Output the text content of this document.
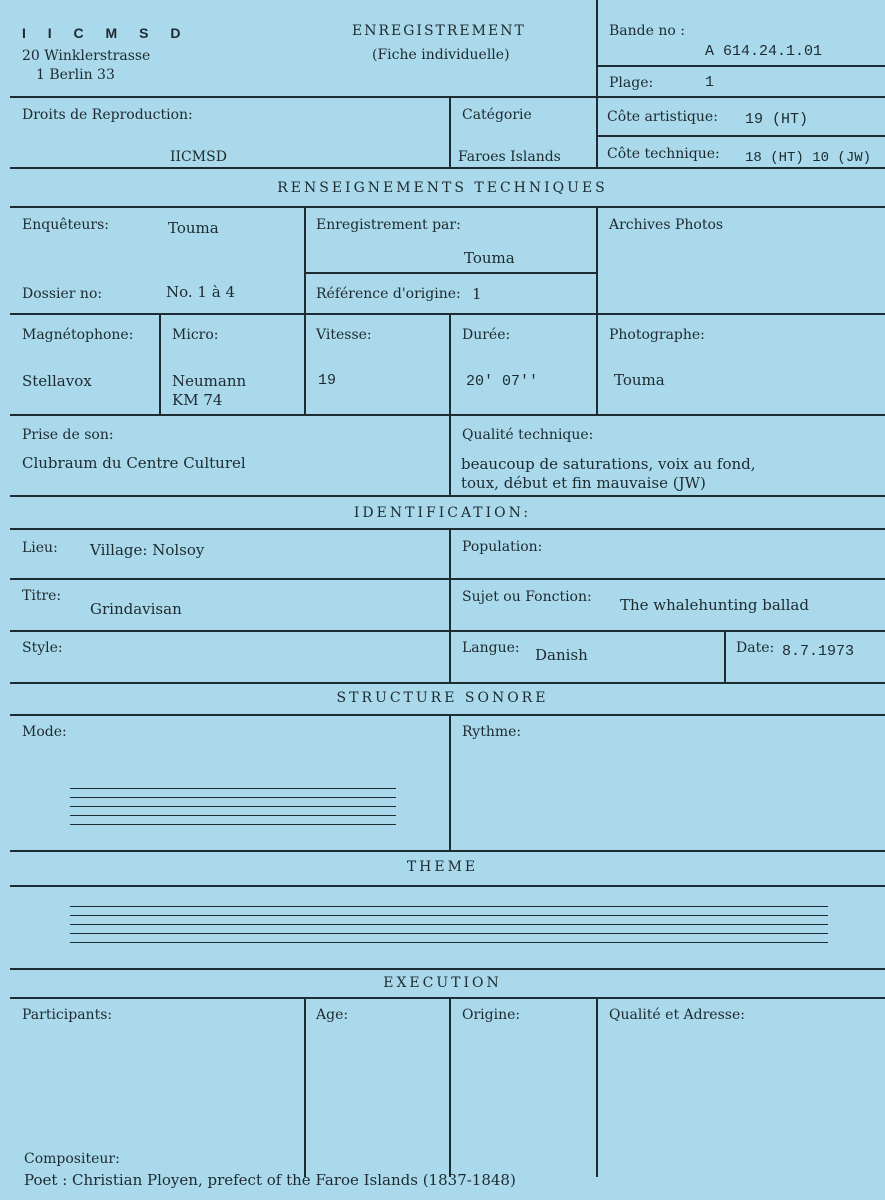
I I C M S D
20 Winklerstrasse
1 Berlin 33
ENREGISTREMENT
(Fiche individuelle)
Bande no :
A 614.24.1.01
Plage:	1
Droits de Reproduction:
IICMSD
Catégorie
Faroes Islands
Côte artistique: 19 (HT)
Côte technique: 18 (HT) 10 (JW)
RENSEIGNEMENTS TECHNIQUES
Enquêteurs:	Touma	Enregistrement par:
Touma
Archives Photos
Dossier no:	No. 1 à 4	Référence d'origine: 1
Magnétophone:
Stellavox
Micro:
Neumann
KM 74
Vitesse:
19
Durée:
20' 07''
Photographe:
Touma
Prise de son:
Clubraum du Centre Culturel
Qualité technique:
beaucoup de saturations, voix au fond,
toux, début et fin mauvaise (JW)
IDENTIFICATION:
Lieu: Village: Nolsoy	Population:
Titre:
Grindavisan
Sujet ou Fonction: The whalehunting ballad
Style:	Langue: Danish	Date: 8.7.1973
STRUCTURE SONORE
Mode:	Rythme:
THEME
EXECUTION
Participants:	Age:	Origine:	Qualité et Adresse:
Compositeur:
Poet : Christian Ployen, prefect of the Faroe Islands (1837-1848)
